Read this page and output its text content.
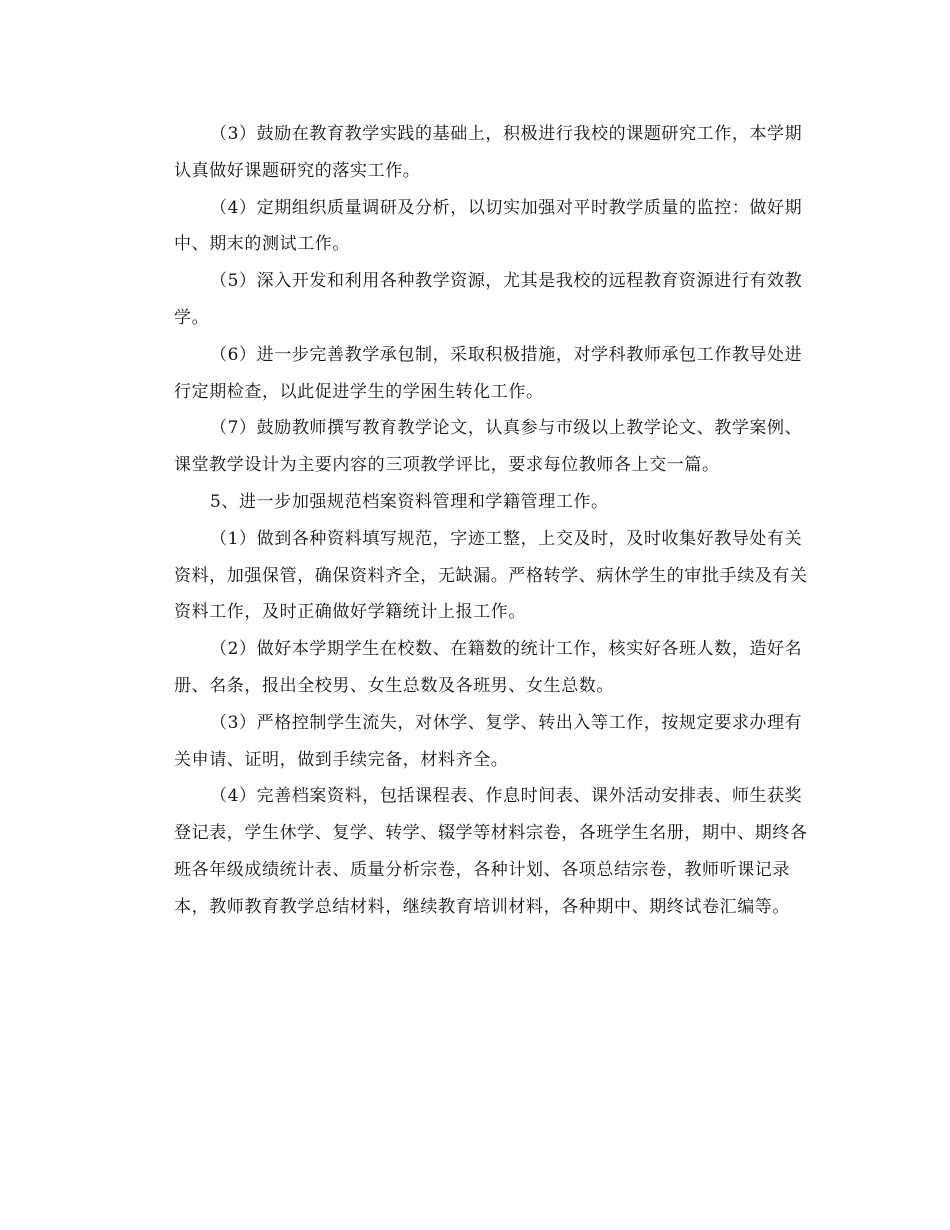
（3）鼓励在教育教学实践的基础上，积极进行我校的课题研究工作，本学期
认真做好课题研究的落实工作。

（4）定期组织质量调研及分析，以切实加强对平时教学质量的监控：做好期
中、期末的测试工作。

（5）深入开发和利用各种教学资源，尤其是我校的远程教育资源进行有效教
学。

（6）进一步完善教学承包制，采取积极措施，对学科教师承包工作教导处进
行定期检查，以此促进学生的学困生转化工作。

（7）鼓励教师撰写教育教学论文，认真参与市级以上教学论文、教学案例、
课堂教学设计为主要内容的三项教学评比，要求每位教师各上交一篇。

5、进一步加强规范档案资料管理和学籍管理工作。

（1）做到各种资料填写规范，字迹工整，上交及时，及时收集好教导处有关
资料，加强保管，确保资料齐全，无缺漏。严格转学、病休学生的审批手续及有关
资料工作，及时正确做好学籍统计上报工作。

（2）做好本学期学生在校数、在籍数的统计工作，核实好各班人数，造好名
册、名条，报出全校男、女生总数及各班男、女生总数。

（3）严格控制学生流失，对休学、复学、转出入等工作，按规定要求办理有
关申请、证明，做到手续完备，材料齐全。

（4）完善档案资料，包括课程表、作息时间表、课外活动安排表、师生获奖
登记表，学生休学、复学、转学、辍学等材料宗卷，各班学生名册，期中、期终各
班各年级成绩统计表、质量分析宗卷，各种计划、各项总结宗卷，教师听课记录
本，教师教育教学总结材料，继续教育培训材料，各种期中、期终试卷汇编等。
